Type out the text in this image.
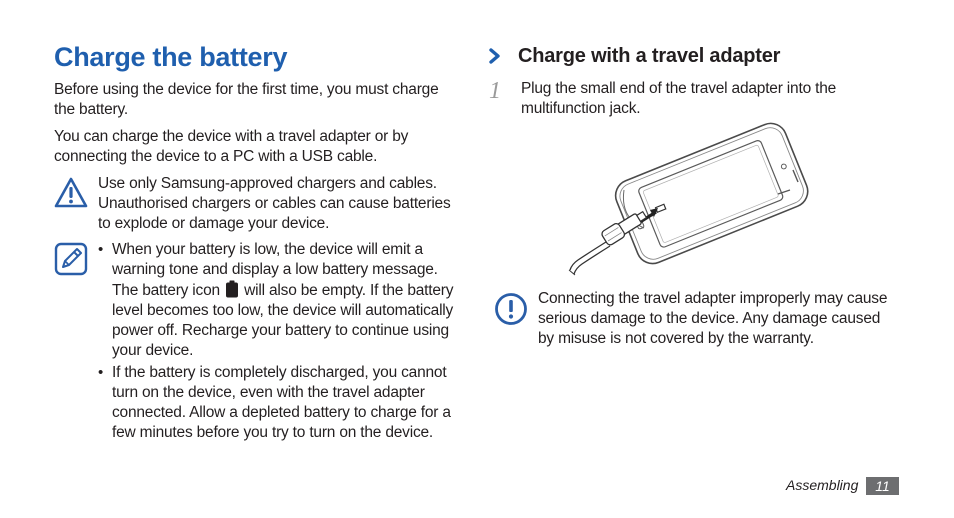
Charge the battery
Before using the device for the first time, you must charge the battery.
You can charge the device with a travel adapter or by connecting the device to a PC with a USB cable.
Use only Samsung-approved chargers and cables. Unauthorised chargers or cables can cause batteries to explode or damage your device.
• When your battery is low, the device will emit a warning tone and display a low battery message. The battery icon will also be empty. If the battery level becomes too low, the device will automatically power off. Recharge your battery to continue using your device.
• If the battery is completely discharged, you cannot turn on the device, even with the travel adapter connected. Allow a depleted battery to charge for a few minutes before you try to turn on the device.
Charge with a travel adapter
1 Plug the small end of the travel adapter into the multifunction jack.
Connecting the travel adapter improperly may cause serious damage to the device. Any damage caused by misuse is not covered by the warranty.
Assembling	11
